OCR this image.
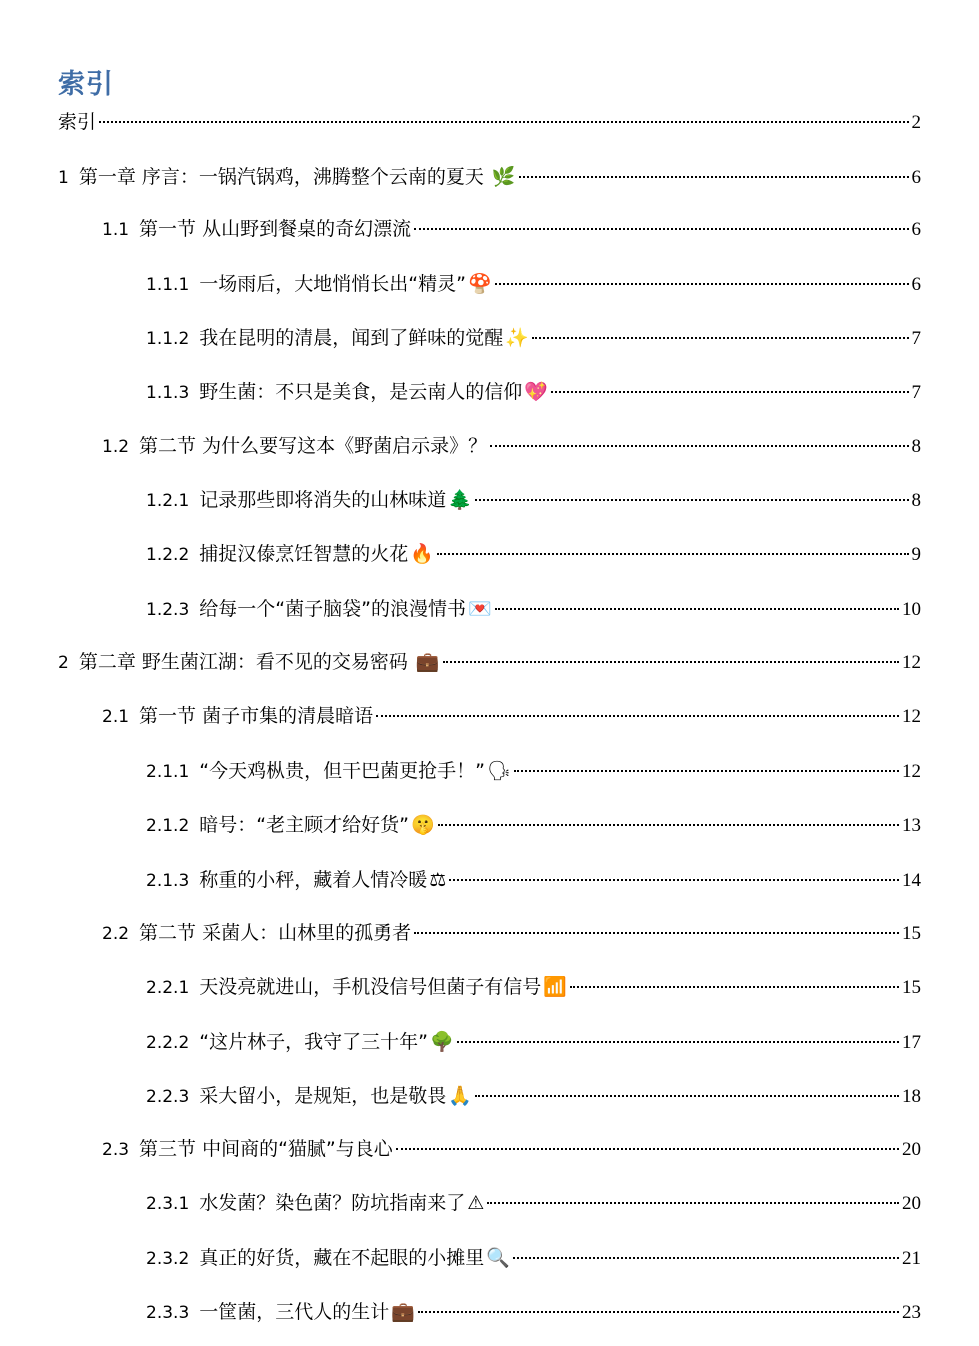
索引
索引	2
1 第一章 序言：一锅汽锅鸡，沸腾整个云南的夏天 🌿	6
1.1 第一节 从山野到餐桌的奇幻漂流	6
1.1.1 一场雨后，大地悄悄长出“精灵” 🍄	6
1.1.2 我在昆明的清晨，闻到了鲜味的觉醒 ✨	7
1.1.3 野生菌：不只是美食，是云南人的信仰 💖	7
1.2 第二节 为什么要写这本《野菌启示录》？	8
1.2.1 记录那些即将消失的山林味道 🌲	8
1.2.2 捕捉汉傣烹饪智慧的火花 🔥	9
1.2.3 给每一个“菌子脑袋”的浪漫情书 💌	10
2 第二章 野生菌江湖：看不见的交易密码 💼	12
2.1 第一节 菌子市集的清晨暗语	12
2.1.1 “今天鸡枞贵，但干巴菌更抢手！” 🗣	12
2.1.2 暗号：“老主顾才给好货” 🤫	13
2.1.3 称重的小秤，藏着人情冷暖 ⚖	14
2.2 第二节 采菌人：山林里的孤勇者	15
2.2.1 天没亮就进山，手机没信号但菌子有信号 📶	15
2.2.2 “这片林子，我守了三十年” 🌳	17
2.2.3 采大留小，是规矩，也是敬畏 🙏	18
2.3 第三节 中间商的“猫腻”与良心	20
2.3.1 水发菌？染色菌？防坑指南来了 ⚠	20
2.3.2 真正的好货，藏在不起眼的小摊里 🔍	21
2.3.3 一筐菌，三代人的生计 💼	23
